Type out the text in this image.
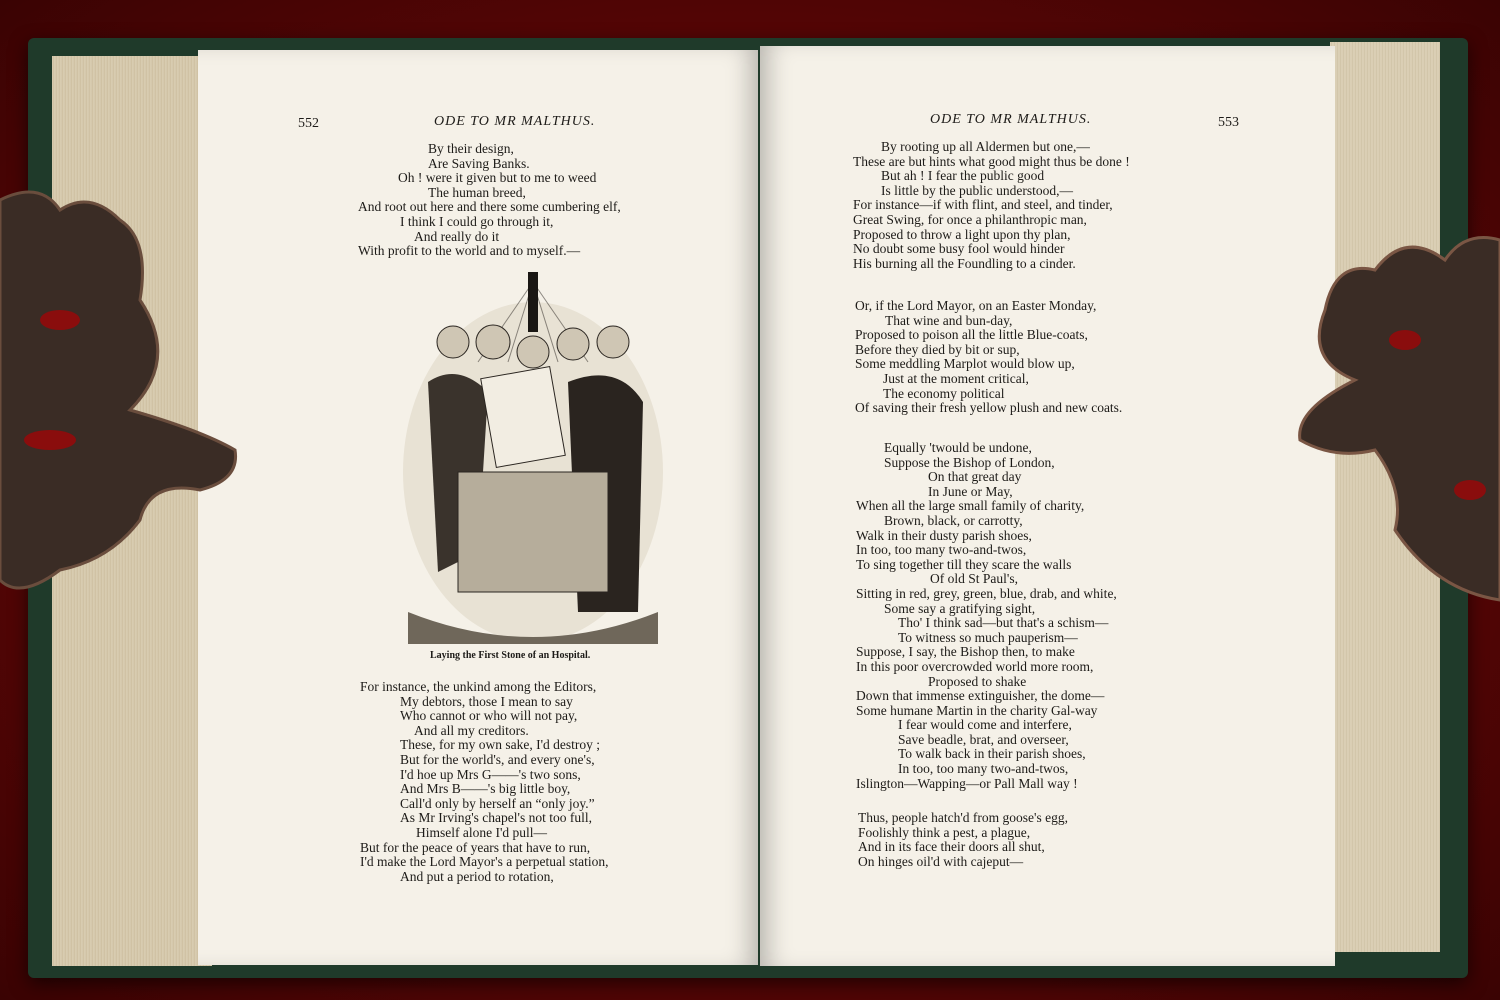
552	ODE TO MR MALTHUS.
By their design,
Are Saving Banks.
Oh ! were it given but to me to weed
The human breed,
And root out here and there some cumbering elf,
I think I could go through it,
And really do it
With profit to the world and to myself.—
Laying the First Stone of an Hospital.
For instance, the unkind among the Editors,
My debtors, those I mean to say
Who cannot or who will not pay,
And all my creditors.
These, for my own sake, I'd destroy ;
But for the world's, and every one's,
I'd hoe up Mrs G——'s two sons,
And Mrs B——'s big little boy,
Call'd only by herself an “only joy.”
As Mr Irving's chapel's not too full,
Himself alone I'd pull—
But for the peace of years that have to run,
I'd make the Lord Mayor's a perpetual station,
And put a period to rotation,
ODE TO MR MALTHUS.	553
By rooting up all Aldermen but one,—
These are but hints what good might thus be done !
But ah ! I fear the public good
Is little by the public understood,—
For instance—if with flint, and steel, and tinder,
Great Swing, for once a philanthropic man,
Proposed to throw a light upon thy plan,
No doubt some busy fool would hinder
His burning all the Foundling to a cinder.
Or, if the Lord Mayor, on an Easter Monday,
That wine and bun-day,
Proposed to poison all the little Blue-coats,
Before they died by bit or sup,
Some meddling Marplot would blow up,
Just at the moment critical,
The economy political
Of saving their fresh yellow plush and new coats.
Equally 'twould be undone,
Suppose the Bishop of London,
On that great day
In June or May,
When all the large small family of charity,
Brown, black, or carrotty,
Walk in their dusty parish shoes,
In too, too many two-and-twos,
To sing together till they scare the walls
Of old St Paul's,
Sitting in red, grey, green, blue, drab, and white,
Some say a gratifying sight,
Tho' I think sad—but that's a schism—
To witness so much pauperism—
Suppose, I say, the Bishop then, to make
In this poor overcrowded world more room,
Proposed to shake
Down that immense extinguisher, the dome—
Some humane Martin in the charity Gal-way
I fear would come and interfere,
Save beadle, brat, and overseer,
To walk back in their parish shoes,
In too, too many two-and-twos,
Islington—Wapping—or Pall Mall way !
Thus, people hatch'd from goose's egg,
Foolishly think a pest, a plague,
And in its face their doors all shut,
On hinges oil'd with cajeput—
